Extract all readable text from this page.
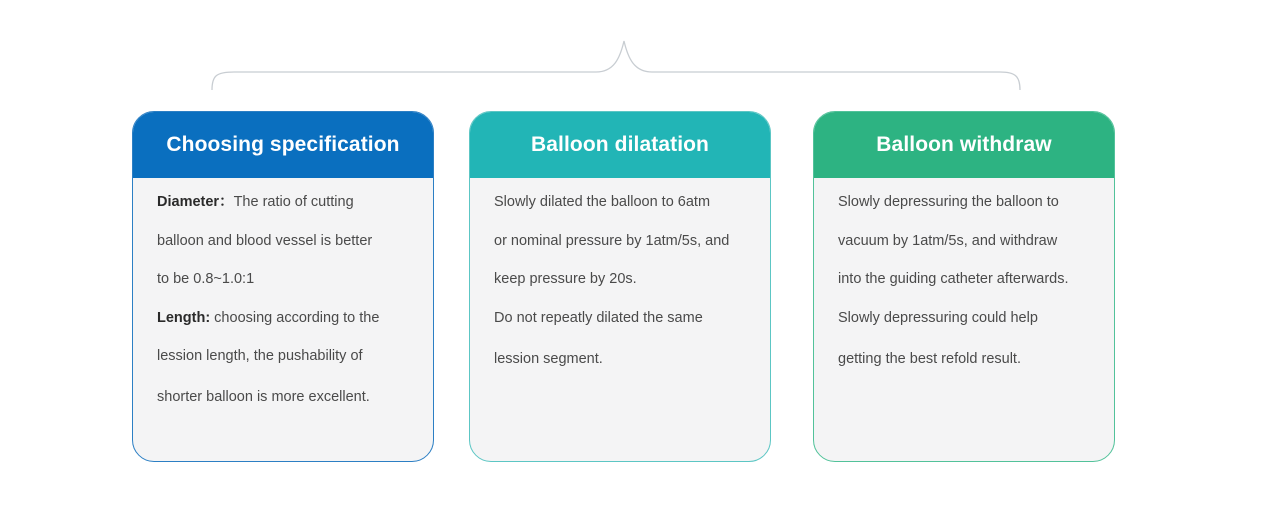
Choosing specification
Diameter：The ratio of cutting
balloon and blood vessel is better
to be 0.8~1.0:1
Length: choosing according to the
lession length, the pushability of
shorter balloon is more excellent.
Balloon dilatation
Slowly dilated the balloon to 6atm
or nominal pressure by 1atm/5s, and
keep pressure by 20s.
Do not repeatly dilated the same
lession segment.
Balloon withdraw
Slowly depressuring the balloon to
vacuum by 1atm/5s, and withdraw
into the guiding catheter afterwards.
Slowly depressuring could help
getting the best refold result.
